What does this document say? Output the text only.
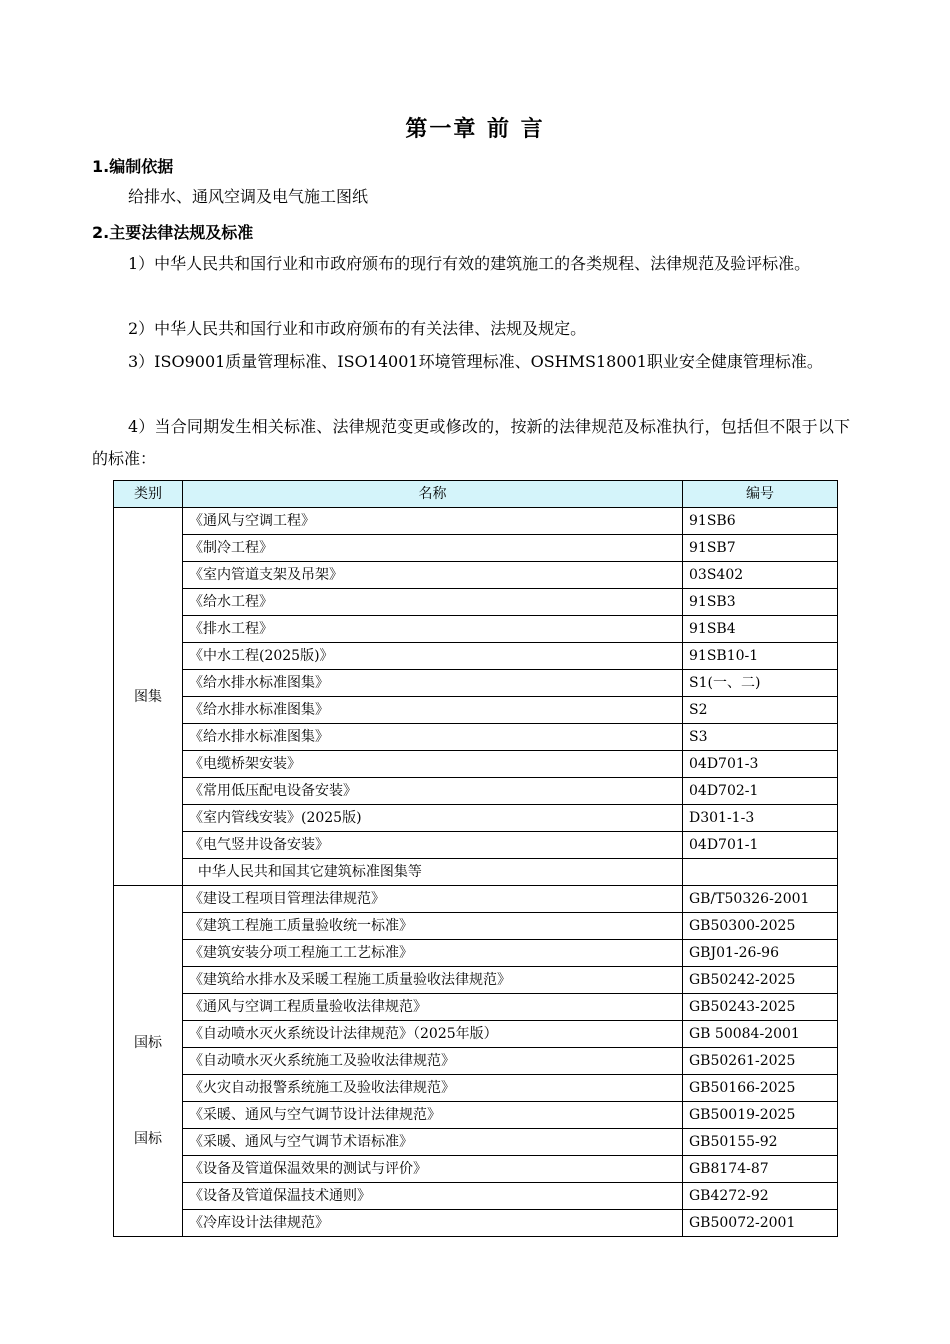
第一章 前 言
1.编制依据
给排水、通风空调及电气施工图纸
2.主要法律法规及标准
1）中华人民共和国行业和市政府颁布的现行有效的建筑施工的各类规程、法律规范及验评标准。
2）中华人民共和国行业和市政府颁布的有关法律、法规及规定。
3）ISO9001质量管理标准、ISO14001环境管理标准、OSHMS18001职业安全健康管理标准。
4）当合同期发生相关标准、法律规范变更或修改的，按新的法律规范及标准执行，包括但不限于以下的标准：
类别	名称	编号
图集	《通风与空调工程》	91SB6
	《制冷工程》	91SB7
	《室内管道支架及吊架》	03S402
	《给水工程》	91SB3
	《排水工程》	91SB4
	《中水工程(2025版)》	91SB10-1
	《给水排水标准图集》	S1(一、二)
	《给水排水标准图集》	S2
	《给水排水标准图集》	S3
	《电缆桥架安装》	04D701-3
	《常用低压配电设备安装》	04D702-1
	《室内管线安装》(2025版)	D301-1-3
	《电气竖井设备安装》	04D701-1
	中华人民共和国其它建筑标准图集等	

国标
国标	《建设工程项目管理法律规范》	GB/T50326-2001
	《建筑工程施工质量验收统一标准》	GB50300-2025
	《建筑安装分项工程施工工艺标准》	GBJ01-26-96
	《建筑给水排水及采暖工程施工质量验收法律规范》	GB50242-2025
	《通风与空调工程质量验收法律规范》	GB50243-2025
	《自动喷水灭火系统设计法律规范》（2025年版）	GB 50084-2001
	《自动喷水灭火系统施工及验收法律规范》	GB50261-2025
	《火灾自动报警系统施工及验收法律规范》	GB50166-2025
	《采暖、通风与空气调节设计法律规范》	GB50019-2025
	《采暖、通风与空气调节术语标准》	GB50155-92
	《设备及管道保温效果的测试与评价》	GB8174-87
	《设备及管道保温技术通则》	GB4272-92
	《冷库设计法律规范》	GB50072-2001
